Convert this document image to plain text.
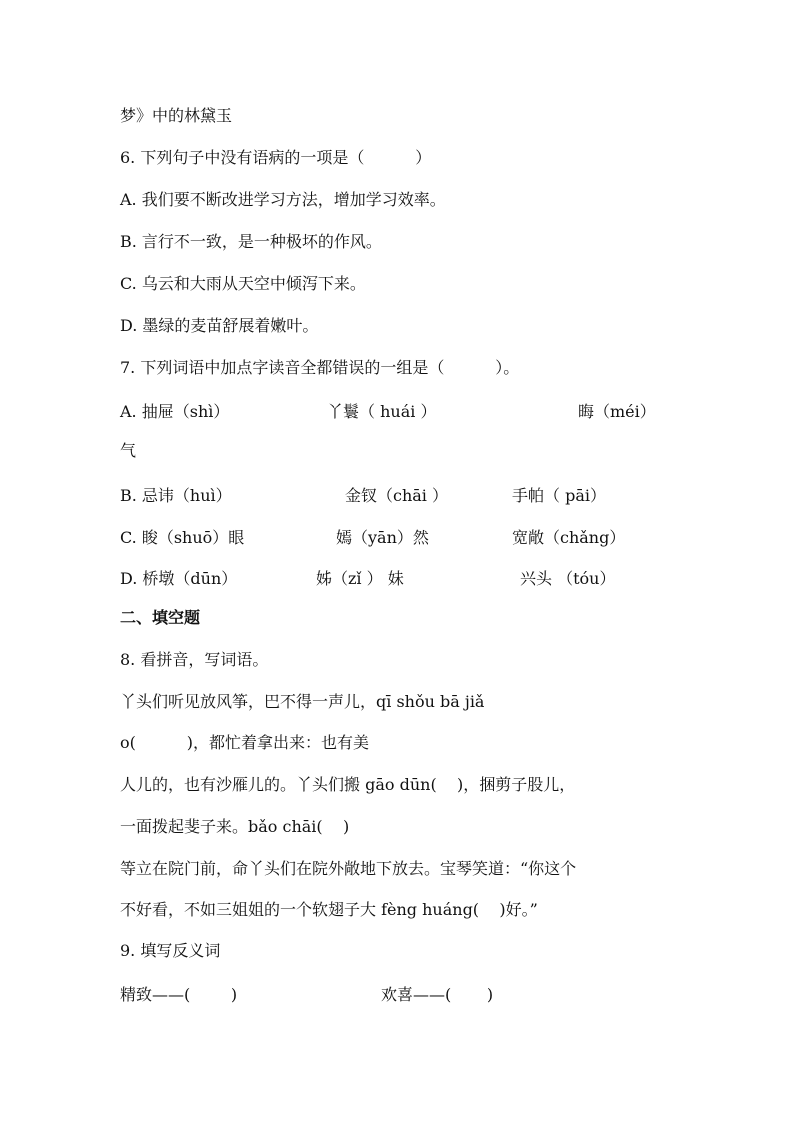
梦》中的林黛玉
6. 下列句子中没有语病的一项是（          ）
A. 我们要不断改进学习方法，增加学习效率。
B. 言行不一致，是一种极坏的作风。
C. 乌云和大雨从天空中倾泻下来。
D. 墨绿的麦苗舒展着嫩叶。
7. 下列词语中加点字读音全都错误的一组是（          ）。
A. 抽屉（shì）	丫鬟（ huái ）	晦（méi）
气
B. 忌讳（huì）	金钗（chāi ）	手帕（ pāi）
C. 睃（shuō）眼	嫣（yān）然	宽敞（chǎng）
D. 桥墩（dūn）	姊（zǐ ） 妹	兴头 （tóu）
二、填空题
8. 看拼音，写词语。
丫头们听见放风筝，巴不得一声儿，qī shǒu bā jiǎ
o(          )，都忙着拿出来：也有美
人儿的，也有沙雁儿的。丫头们搬 gāo dūn(    )，捆剪子股儿，
一面拨起斐子来。bǎo chāi(    )
等立在院门前，命丫头们在院外敞地下放去。宝琴笑道：“你这个
不好看，不如三姐姐的一个软翅子大 fèng huáng(    )好。”
9. 填写反义词
精致——(        )	欢喜——(       )
